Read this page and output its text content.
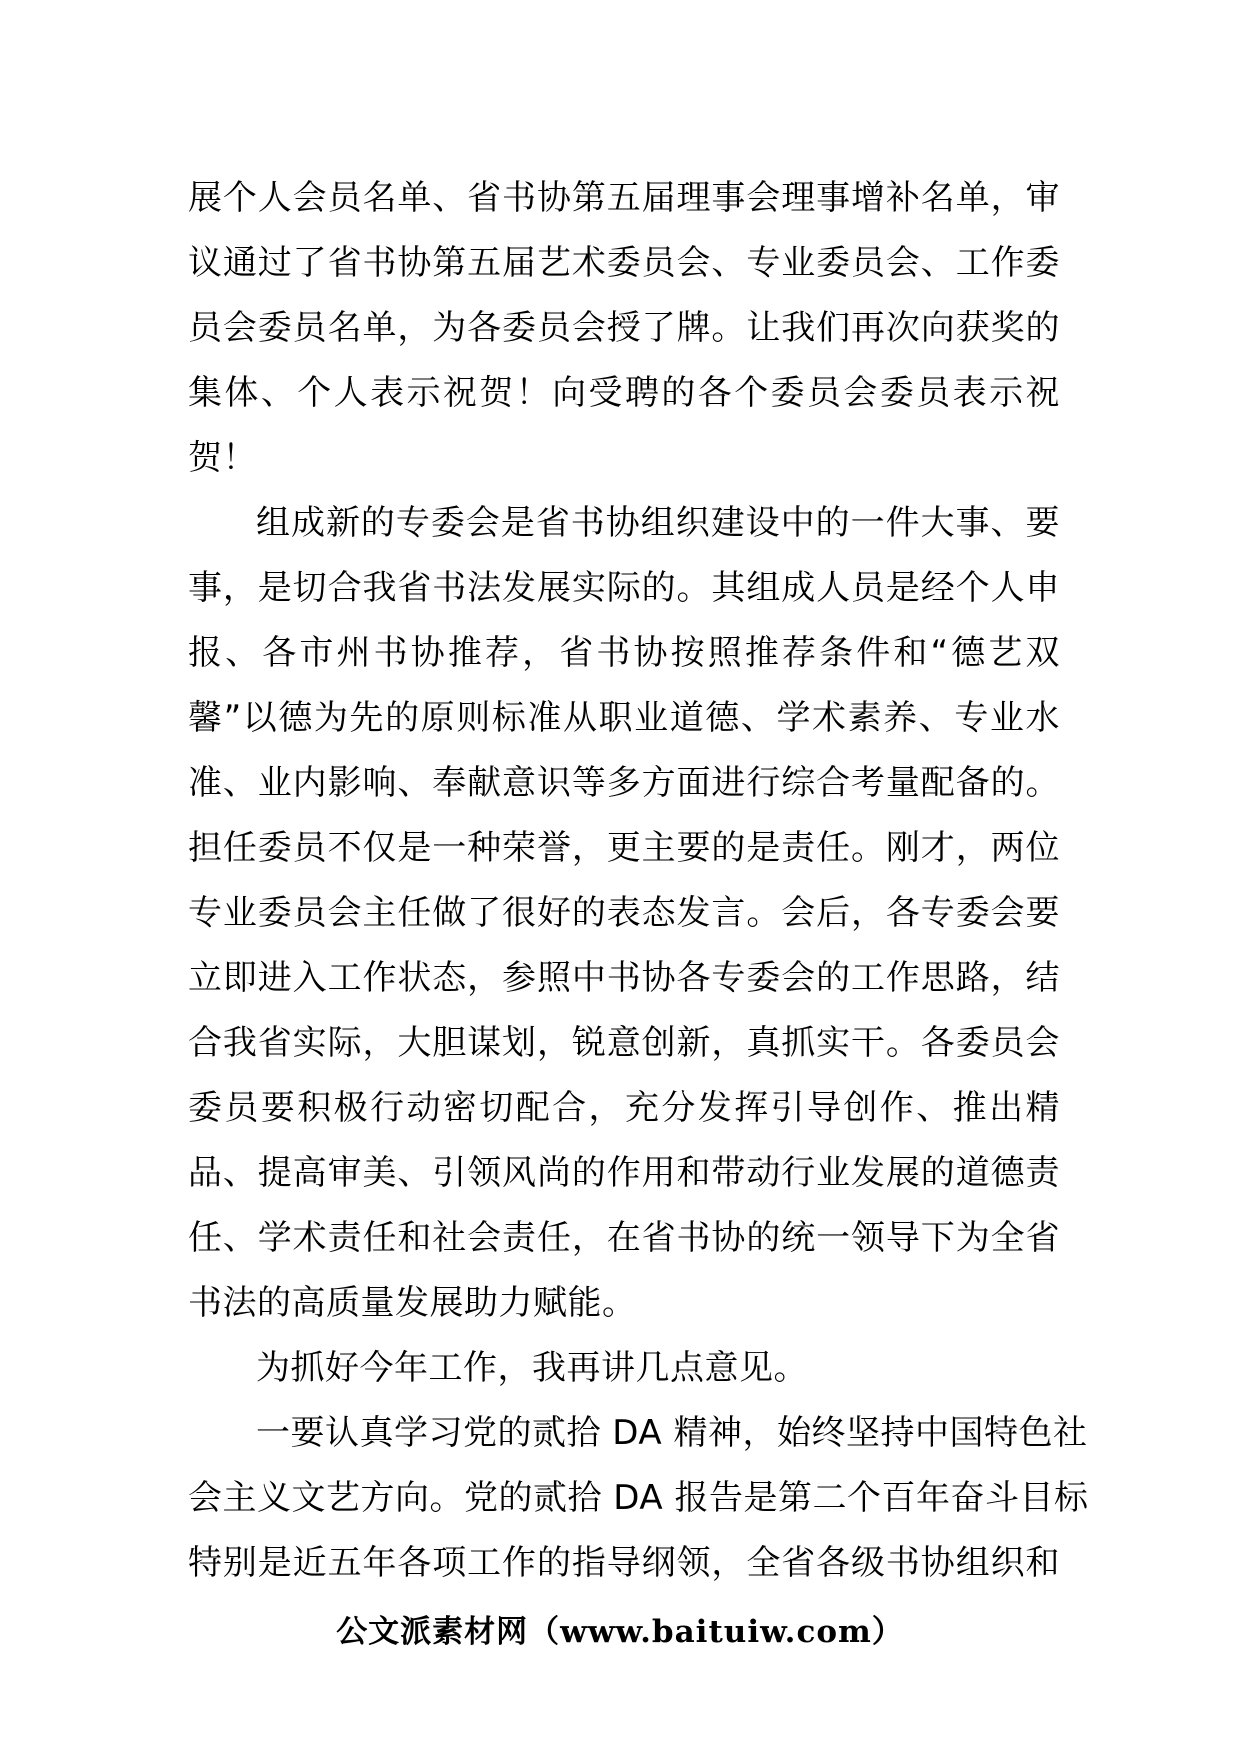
展个人会员名单、省书协第五届理事会理事增补名单，审
议通过了省书协第五届艺术委员会、专业委员会、工作委
员会委员名单，为各委员会授了牌。让我们再次向获奖的
集体、个人表示祝贺！向受聘的各个委员会委员表示祝
贺！
组成新的专委会是省书协组织建设中的一件大事、要
事，是切合我省书法发展实际的。其组成人员是经个人申
报、各市州书协推荐，省书协按照推荐条件和“德艺双
馨”以德为先的原则标准从职业道德、学术素养、专业水
准、业内影响、奉献意识等多方面进行综合考量配备的。
担任委员不仅是一种荣誉，更主要的是责任。刚才，两位
专业委员会主任做了很好的表态发言。会后，各专委会要
立即进入工作状态，参照中书协各专委会的工作思路，结
合我省实际，大胆谋划，锐意创新，真抓实干。各委员会
委员要积极行动密切配合，充分发挥引导创作、推出精
品、提高审美、引领风尚的作用和带动行业发展的道德责
任、学术责任和社会责任，在省书协的统一领导下为全省
书法的高质量发展助力赋能。
为抓好今年工作，我再讲几点意见。
一要认真学习党的贰拾 DA 精神，始终坚持中国特色社
会主义文艺方向。党的贰拾 DA 报告是第二个百年奋斗目标
特别是近五年各项工作的指导纲领，全省各级书协组织和
公文派素材网（www.baituiw.com）
